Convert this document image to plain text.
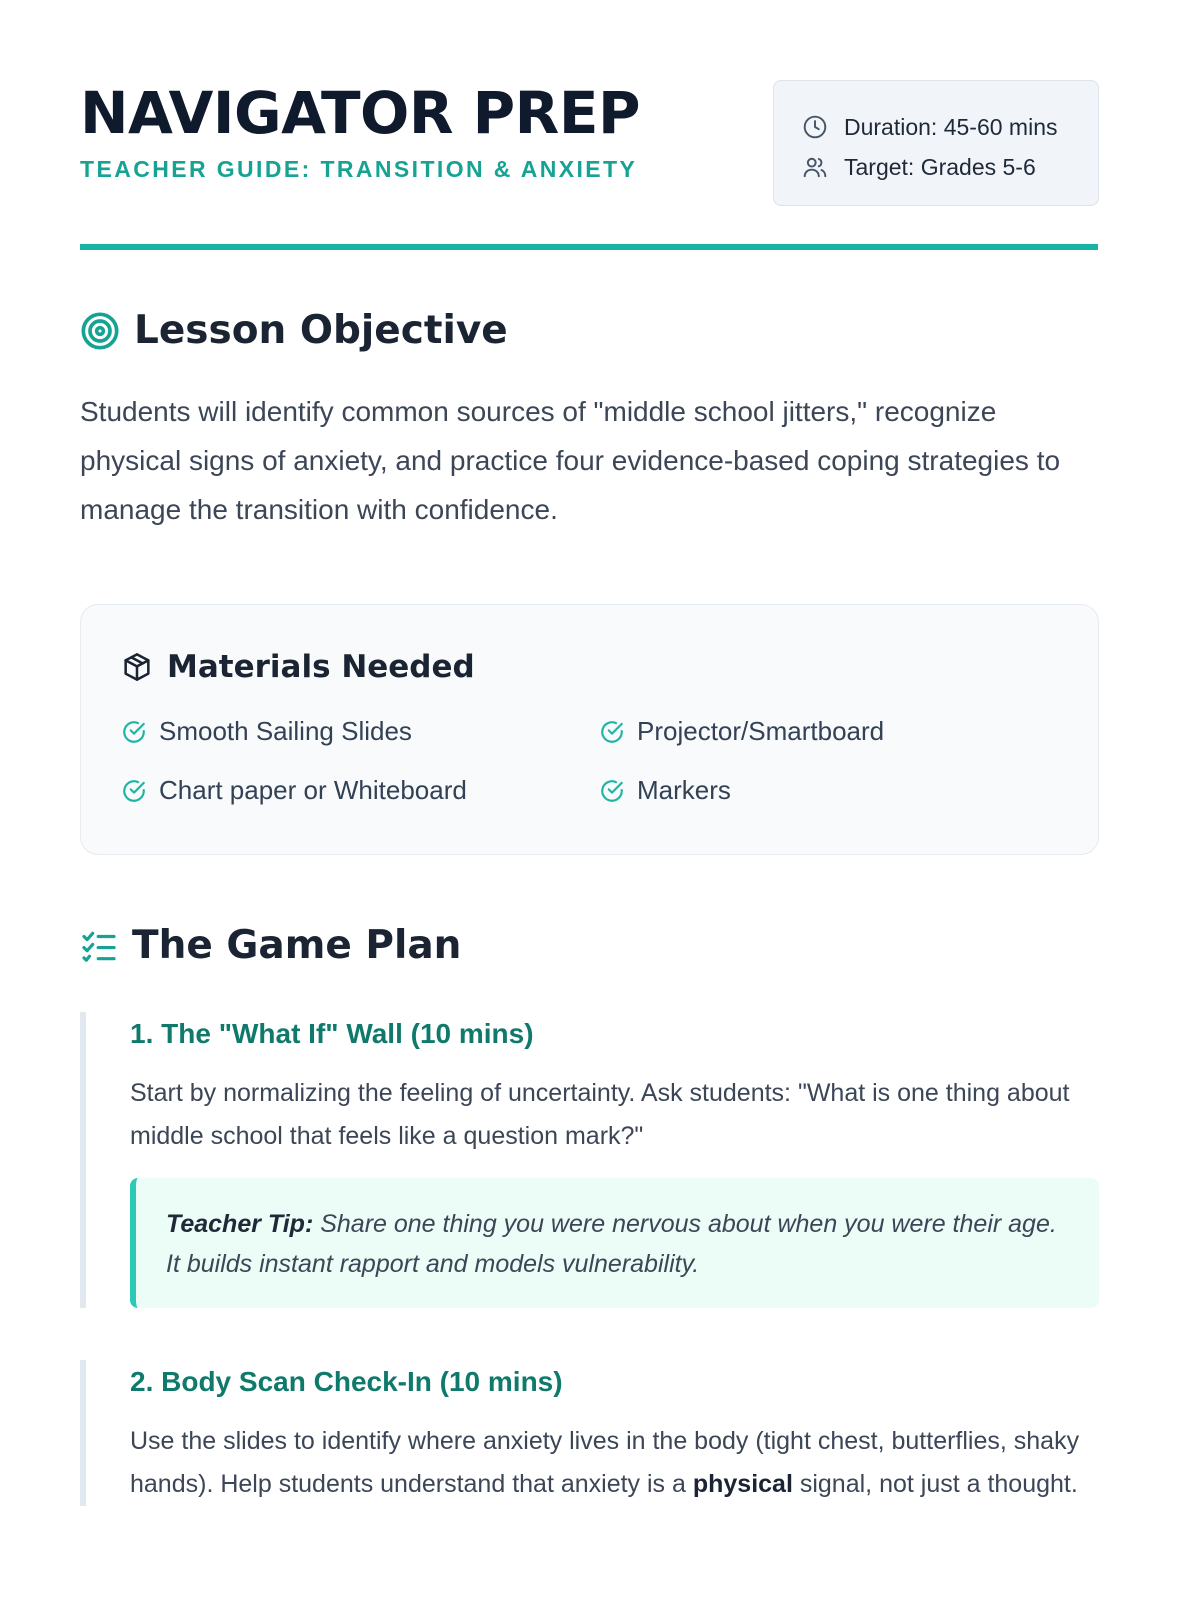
NAVIGATOR PREP
TEACHER GUIDE: TRANSITION & ANXIETY
Duration: 45-60 mins
Target: Grades 5-6
Lesson Objective
Students will identify common sources of "middle school jitters," recognize physical signs of anxiety, and practice four evidence-based coping strategies to manage the transition with confidence.
Materials Needed
Smooth Sailing Slides	Projector/Smartboard
Chart paper or Whiteboard	Markers
The Game Plan
1. The "What If" Wall (10 mins)
Start by normalizing the feeling of uncertainty. Ask students: "What is one thing about middle school that feels like a question mark?"
Teacher Tip: Share one thing you were nervous about when you were their age. It builds instant rapport and models vulnerability.
2. Body Scan Check-In (10 mins)
Use the slides to identify where anxiety lives in the body (tight chest, butterflies, shaky hands). Help students understand that anxiety is a physical signal, not just a thought.
